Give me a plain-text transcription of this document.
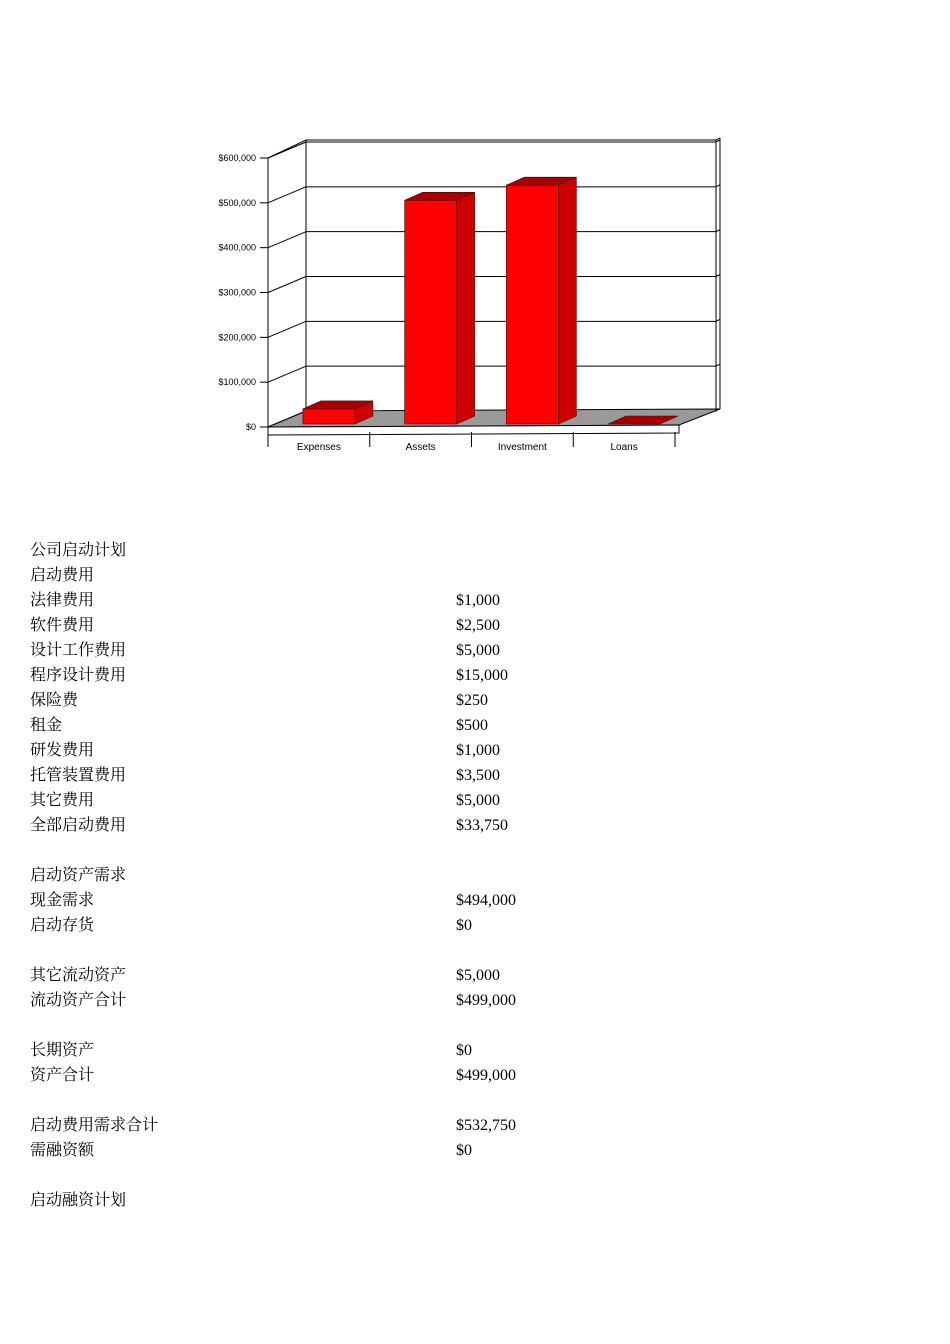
$0
$100,000
$200,000
$300,000
$400,000
$500,000
$600,000
Expenses	Assets	Investment	Loans
公司启动计划
启动费用
法律费用	$1,000
软件费用	$2,500
设计工作费用	$5,000
程序设计费用	$15,000
保险费	$250
租金	$500
研发费用	$1,000
托管装置费用	$3,500
其它费用	$5,000
全部启动费用	$33,750
启动资产需求
现金需求	$494,000
启动存货	$0
其它流动资产	$5,000
流动资产合计	$499,000
长期资产	$0
资产合计	$499,000
启动费用需求合计	$532,750
需融资额	$0
启动融资计划
